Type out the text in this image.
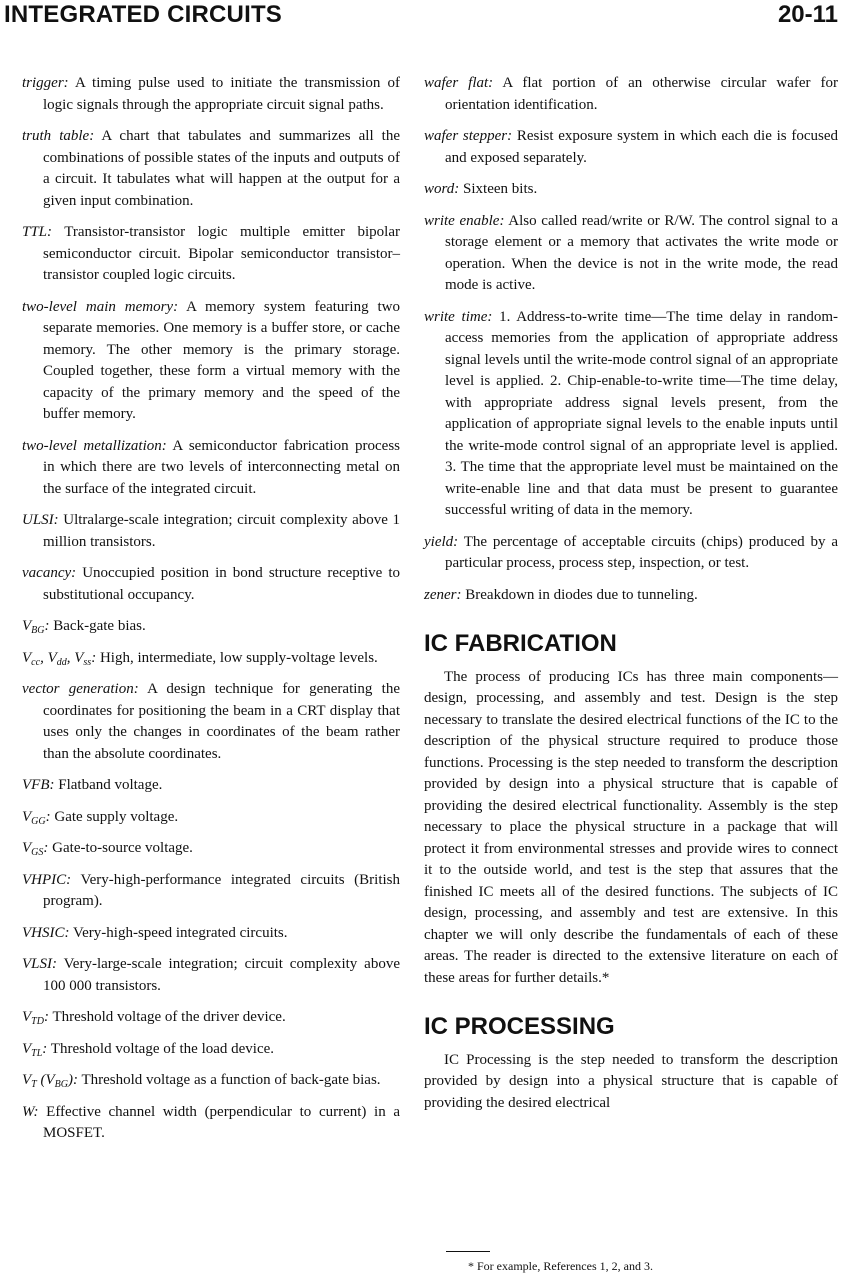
INTEGRATED CIRCUITS	20-11

trigger: A timing pulse used to initiate the transmission of logic signals through the appropriate circuit signal paths.

truth table: A chart that tabulates and summarizes all the combinations of possible states of the inputs and outputs of a circuit. It tabulates what will happen at the output for a given input combination.

TTL: Transistor-transistor logic multiple emitter bipolar semiconductor circuit. Bipolar semiconductor transistor–transistor coupled logic circuits.

two-level main memory: A memory system featuring two separate memories. One memory is a buffer store, or cache memory. The other memory is the primary storage. Coupled together, these form a virtual memory with the capacity of the primary memory and the speed of the buffer memory.

two-level metallization: A semiconductor fabrication process in which there are two levels of interconnecting metal on the surface of the integrated circuit.

ULSI: Ultralarge-scale integration; circuit complexity above 1 million transistors.

vacancy: Unoccupied position in bond structure receptive to substitutional occupancy.

$V_{BG}$: Back-gate bias.

$V_{cc}$, $V_{dd}$, $V_{ss}$: High, intermediate, low supply-voltage levels.

vector generation: A design technique for generating the coordinates for positioning the beam in a CRT display that uses only the changes in coordinates of the beam rather than the absolute coordinates.

VFB: Flatband voltage.

$V_{GG}$: Gate supply voltage.

$V_{GS}$: Gate-to-source voltage.

VHPIC: Very-high-performance integrated circuits (British program).

VHSIC: Very-high-speed integrated circuits.

VLSI: Very-large-scale integration; circuit complexity above 100 000 transistors.

$V_{TD}$: Threshold voltage of the driver device.

$V_{TL}$: Threshold voltage of the load device.

$V_T$ $(V_{BG})$: Threshold voltage as a function of back-gate bias.

W: Effective channel width (perpendicular to current) in a MOSFET.

wafer flat: A flat portion of an otherwise circular wafer for orientation identification.

wafer stepper: Resist exposure system in which each die is focused and exposed separately.

word: Sixteen bits.

write enable: Also called read/write or R/W. The control signal to a storage element or a memory that activates the write mode or operation. When the device is not in the write mode, the read mode is active.

write time: 1. Address-to-write time—The time delay in random-access memories from the application of appropriate address signal levels until the write-mode control signal of an appropriate level is applied. 2. Chip-enable-to-write time—The time delay, with appropriate address signal levels present, from the application of appropriate signal levels to the enable inputs until the write-mode control signal of an appropriate level is applied. 3. The time that the appropriate level must be maintained on the write-enable line and that data must be present to guarantee successful writing of data in the memory.

yield: The percentage of acceptable circuits (chips) produced by a particular process, process step, inspection, or test.

zener: Breakdown in diodes due to tunneling.

IC FABRICATION

The process of producing ICs has three main components—design, processing, and assembly and test. Design is the step necessary to translate the desired electrical functions of the IC to the description of the physical structure required to produce those functions. Processing is the step needed to transform the description provided by design into a physical structure that is capable of providing the desired electrical functionality. Assembly is the step necessary to place the physical structure in a package that will protect it from environmental stresses and provide wires to connect it to the outside world, and test is the step that assures that the finished IC meets all of the desired functions. The subjects of IC design, processing, and assembly and test are extensive. In this chapter we will only describe the fundamentals of each of these areas. The reader is directed to the extensive literature on each of these areas for further details.*

IC PROCESSING

IC Processing is the step needed to transform the description provided by design into a physical structure that is capable of providing the desired electrical

* For example, References 1, 2, and 3.
